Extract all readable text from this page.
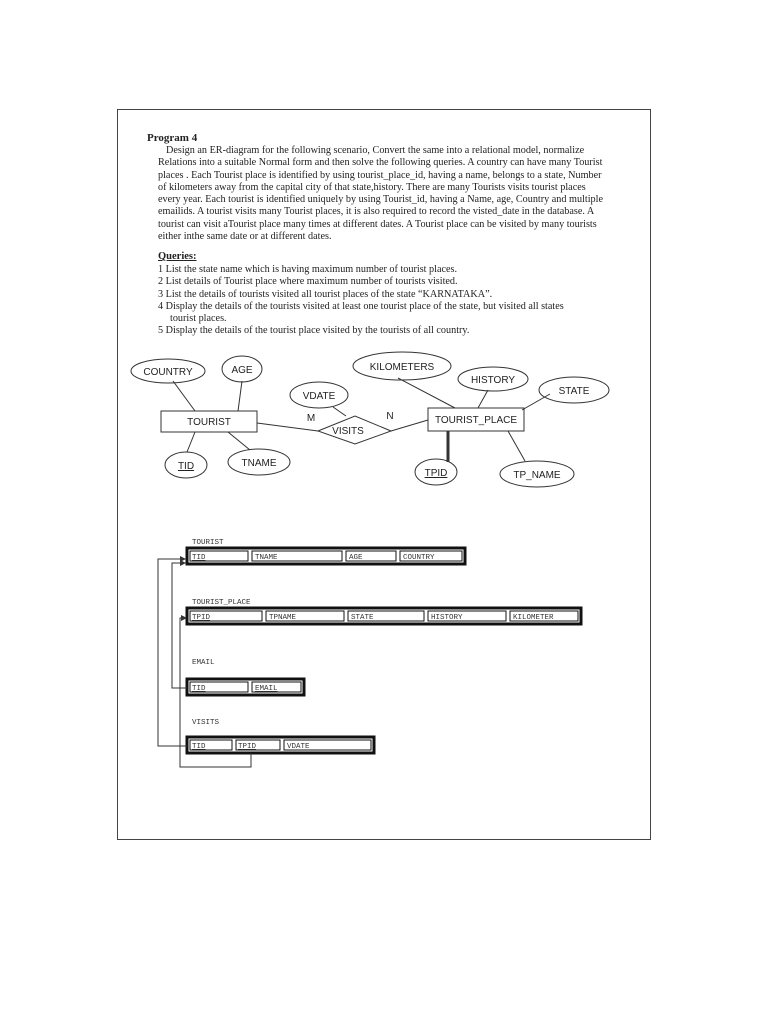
Program 4
Design an ER-diagram for the following scenario, Convert the same into a relational model, normalize Relations into a suitable Normal form and then solve the following queries. A country can have many Tourist places . Each Tourist place is identified by using tourist_place_id, having a name, belongs to a state, Number of kilometers away from the capital city of that state,history. There are many Tourists visits tourist places every year. Each tourist is identified uniquely by using Tourist_id, having a Name, age, Country and multiple emailids. A tourist visits many Tourist places, it is also required to record the visted_date in the database. A tourist can visit aTourist place many times at different dates. A Tourist place can be visited by many tourists either inthe same date or at different dates.
Queries:
1 List the state name which is having maximum number of tourist places.
2 List details of Tourist place where maximum number of tourists visited.
3 List the details of tourists visited all tourist places of the state “KARNATAKA”.
4 Display the details of the tourists visited at least one tourist place of the state, but visited all states
tourist places.
5 Display the details of the tourist place visited by the tourists of all country.
TOURIST	TOURIST_PLACE
VISITS
COUNTRY	AGE
VDATE
TID	TNAME
KILOMETERS
HISTORY
STATE
TPID	TP_NAME
M	N
TOURIST
TOURIST_PLACE
EMAIL
VISITS
TID	TNAME	AGE	COUNTRY
TPID	TPNAME	STATE	HISTORY	KILOMETER
TID	EMAIL
TID	TPID	VDATE
